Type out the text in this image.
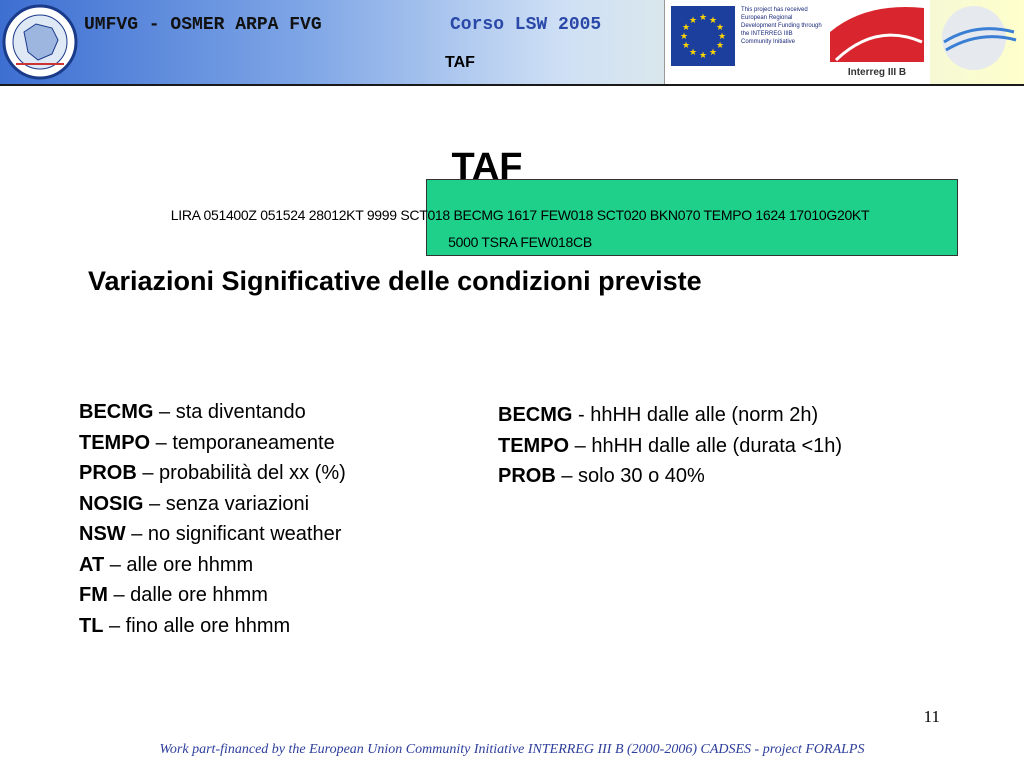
UMFVG - OSMER ARPA FVG	Corso LSW 2005
TAF
★ ★
★
★
★
★
★
★
★
★
★
★
This project has received European Regional Development Funding through the INTERREG IIIB Community Initiative
Interreg III B
TAF
LIRA 051400Z 051524 28012KT 9999 SCT018 BECMG 1617 FEW018 SCT020 BKN070 TEMPO 1624 17010G20KT
5000 TSRA FEW018CB
Variazioni Significative delle condizioni previste
BECMG – sta diventando
TEMPO – temporaneamente
PROB – probabilità del xx (%)
NOSIG – senza variazioni
NSW – no significant weather
AT – alle ore hhmm
FM – dalle ore hhmm
TL – fino alle ore hhmm
BECMG - hhHH dalle alle (norm 2h)
TEMPO – hhHH dalle alle (durata <1h)
PROB – solo 30 o 40%
11
Work part-financed by the European Union Community Initiative INTERREG III B (2000-2006) CADSES - project FORALPS
